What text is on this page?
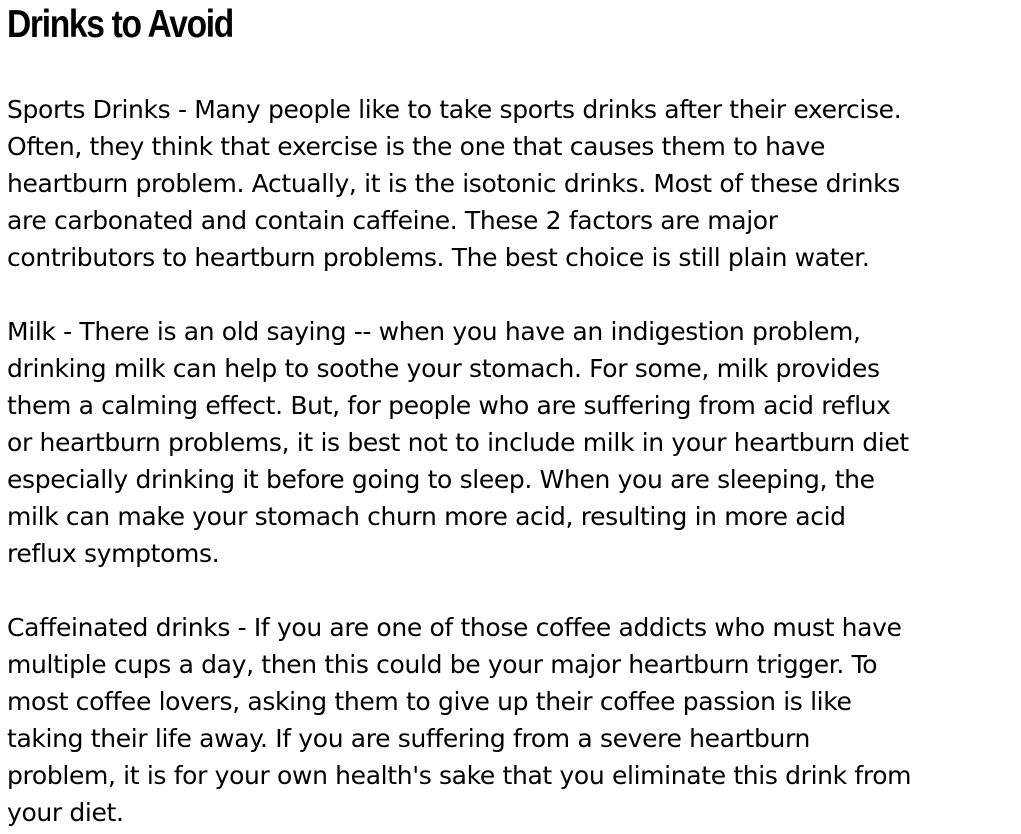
Drinks to Avoid

Sports Drinks - Many people like to take sports drinks after their exercise.
Often, they think that exercise is the one that causes them to have
heartburn problem. Actually, it is the isotonic drinks. Most of these drinks
are carbonated and contain caffeine. These 2 factors are major
contributors to heartburn problems. The best choice is still plain water.

Milk - There is an old saying -- when you have an indigestion problem,
drinking milk can help to soothe your stomach. For some, milk provides
them a calming effect. But, for people who are suffering from acid reflux
or heartburn problems, it is best not to include milk in your heartburn diet
especially drinking it before going to sleep. When you are sleeping, the
milk can make your stomach churn more acid, resulting in more acid
reflux symptoms.

Caffeinated drinks - If you are one of those coffee addicts who must have
multiple cups a day, then this could be your major heartburn trigger. To
most coffee lovers, asking them to give up their coffee passion is like
taking their life away. If you are suffering from a severe heartburn
problem, it is for your own health's sake that you eliminate this drink from
your diet.
